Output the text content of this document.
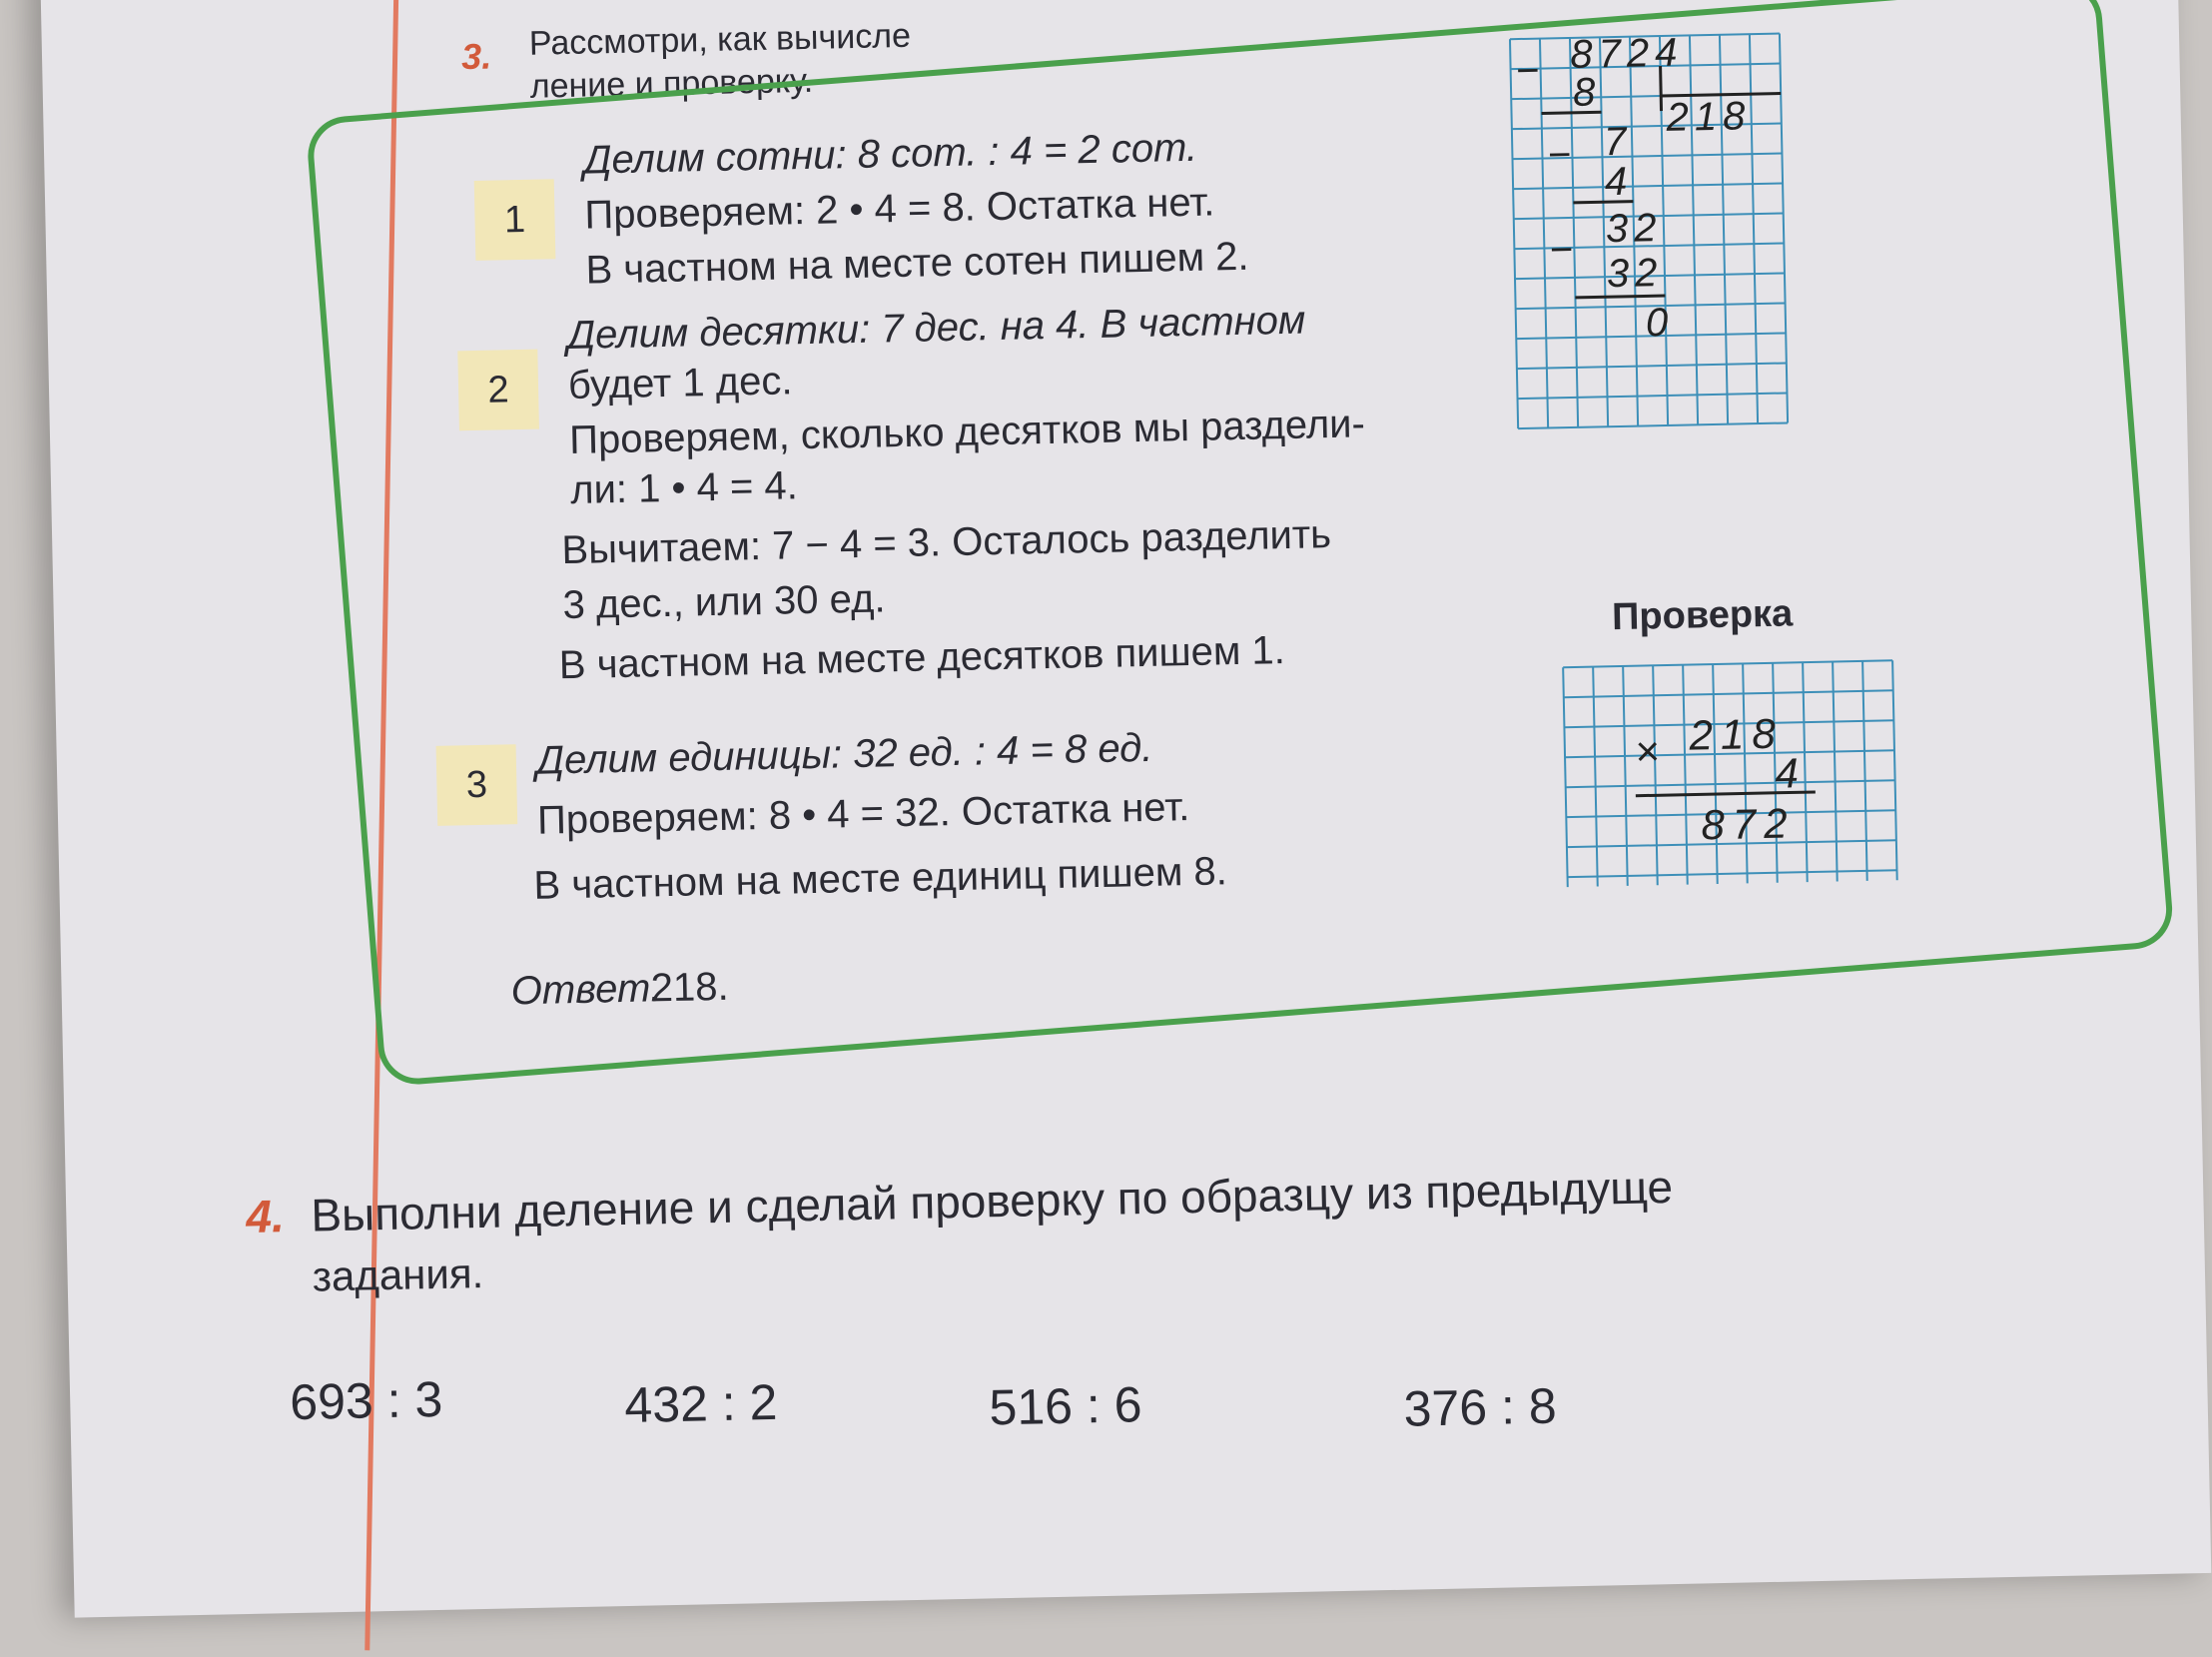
3. Рассмотри, как вычисле
ление и проверку.
1
Делим сотни: 8 сот. : 4 = 2 сот.
Проверяем: 2 • 4 = 8. Остатка нет.
В частном на месте сотен пишем 2.
2
Делим десятки: 7 дес. на 4. В частном
будет 1 дес.
Проверяем, сколько десятков мы раздели-
ли: 1 • 4 = 4.
Вычитаем: 7 − 4 = 3. Осталось разделить
3 дес., или 30 ед.
В частном на месте десятков пишем 1.
3
Делим единицы: 32 ед. : 4 = 8 ед.
Проверяем: 8 • 4 = 32. Остатка нет.
В частном на месте единиц пишем 8.
Ответ.
218.
− 8724
8
218
− 7
4
− 32
32
0
Проверка
× 218
4
872
4. Выполни деление и сделай проверку по образцу из предыдуще
задания.
693 : 3	432 : 2	516 : 6	376 : 8
